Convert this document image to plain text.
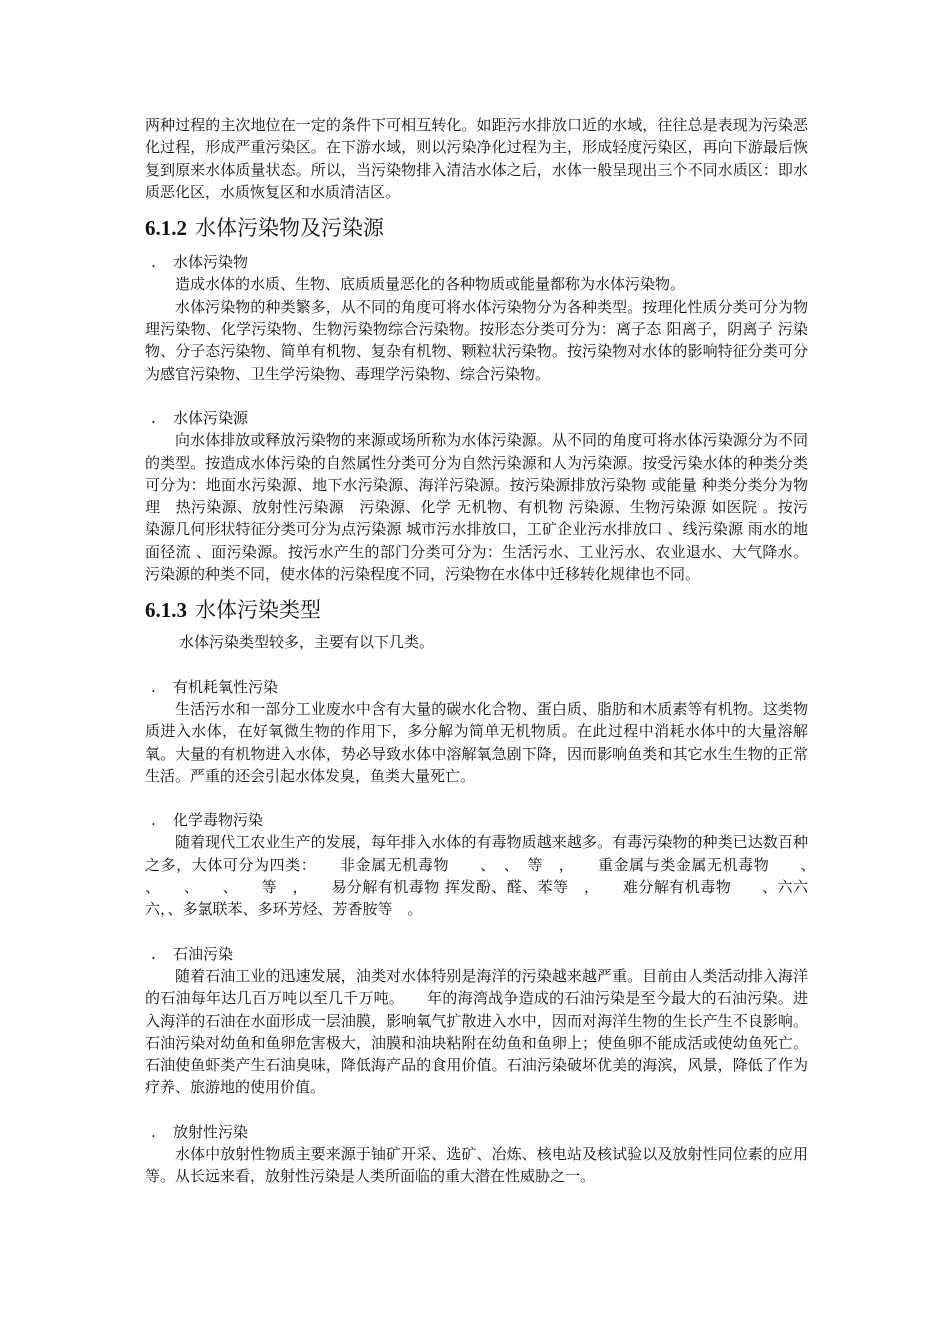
两种过程的主次地位在一定的条件下可相互转化。如距污水排放口近的水域，往往总是表现为污染恶化过程，形成严重污染区。在下游水域，则以污染净化过程为主，形成轻度污染区，再向下游最后恢复到原来水体质量状态。所以，当污染物排入清洁水体之后，水体一般呈现出三个不同水质区：即水质恶化区，水质恢复区和水质清洁区。

6.1.2 水体污染物及污染源
. 水体污染物

造成水体的水质、生物、底质质量恶化的各种物质或能量都称为水体污染物。

水体污染物的种类繁多，从不同的角度可将水体污染物分为各种类型。按理化性质分类可分为物理污染物、化学污染物、生物污染物综合污染物。按形态分类可分为：离子态 阳离子，阴离子 污染物、分子态污染物、简单有机物、复杂有机物、颗粒状污染物。按污染物对水体的影响特征分类可分为感官污染物、卫生学污染物、毒理学污染物、综合污染物。

. 水体污染源

向水体排放或释放污染物的来源或场所称为水体污染源。从不同的角度可将水体污染源分为不同的类型。按造成水体污染的自然属性分类可分为自然污染源和人为污染源。按受污染水体的种类分类可分为：地面水污染源、地下水污染源、海洋污染源。按污染源排放污染物 或能量 种类分类分为物理　热污染源、放射性污染源　污染源、化学 无机物、有机物 污染源、生物污染源 如医院 。按污染源几何形状特征分类可分为点污染源 城市污水排放口，工矿企业污水排放口 、线污染源 雨水的地面径流 、面污染源。按污水产生的部门分类可分为：生活污水、工业污水、农业退水、大气降水。污染源的种类不同，使水体的污染程度不同，污染物在水体中迁移转化规律也不同。

6.1.3 水体污染类型

水体污染类型较多，主要有以下几类。

. 有机耗氧性污染

生活污水和一部分工业废水中含有大量的碳水化合物、蛋白质、脂肪和木质素等有机物。这类物质进入水体，在好氧微生物的作用下，多分解为简单无机物质。在此过程中消耗水体中的大量溶解氧。大量的有机物进入水体，势必导致水体中溶解氧急剧下降，因而影响鱼类和其它水生生物的正常生活。严重的还会引起水体发臭，鱼类大量死亡。

. 化学毒物污染

随着现代工农业生产的发展，每年排入水体的有毒物质越来越多。有毒污染物的种类已达数百种之多，大体可分为四类：　　非金属无机毒物　　、　、　等　，　　重金属与类金属无机毒物　　、　　、　　、　　、　　等　，　　易分解有机毒物 挥发酚、醛、苯等　，　　难分解有机毒物　　、六六六，、多氯联苯、多环芳烃、芳香胺等　。

. 石油污染

随着石油工业的迅速发展，油类对水体特别是海洋的污染越来越严重。目前由人类活动排入海洋的石油每年达几百万吨以至几千万吨。　　年的海湾战争造成的石油污染是至今最大的石油污染。进入海洋的石油在水面形成一层油膜，影响氧气扩散进入水中，因而对海洋生物的生长产生不良影响。石油污染对幼鱼和鱼卵危害极大，油膜和油块粘附在幼鱼和鱼卵上；使鱼卵不能成活或使幼鱼死亡。石油使鱼虾类产生石油臭味，降低海产品的食用价值。石油污染破坏优美的海滨，风景，降低了作为疗养、旅游地的使用价值。

. 放射性污染

水体中放射性物质主要来源于铀矿开采、选矿、冶炼、核电站及核试验以及放射性同位素的应用等。从长远来看，放射性污染是人类所面临的重大潜在性威胁之一。
